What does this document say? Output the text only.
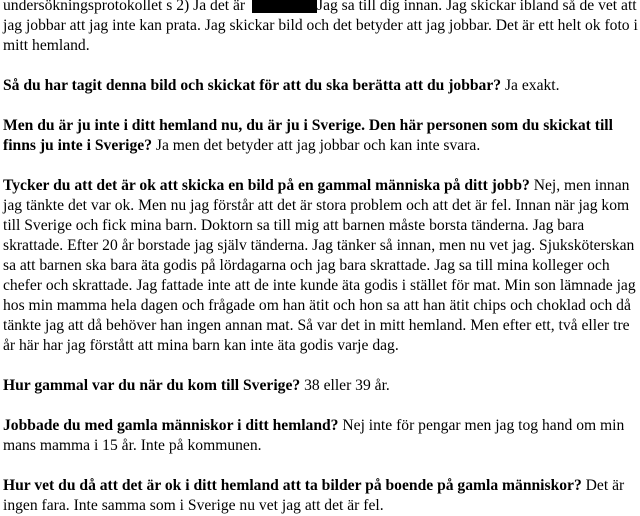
undersökningsprotokollet s 2) Ja det är	Jag sa till dig innan. Jag skickar ibland så de vet att jag jobbar att jag inte kan prata. Jag skickar bild och det betyder att jag jobbar. Det är ett helt ok foto i mitt hemland.

Så du har tagit denna bild och skickat för att du ska berätta att du jobbar? Ja exakt.

Men du är ju inte i ditt hemland nu, du är ju i Sverige. Den här personen som du skickat till finns ju inte i Sverige? Ja men det betyder att jag jobbar och kan inte svara.

Tycker du att det är ok att skicka en bild på en gammal människa på ditt jobb? Nej, men innan jag tänkte det var ok. Men nu jag förstår att det är stora problem och att det är fel. Innan när jag kom till Sverige och fick mina barn. Doktorn sa till mig att barnen måste borsta tänderna. Jag bara skrattade. Efter 20 år borstade jag själv tänderna. Jag tänker så innan, men nu vet jag. Sjuksköterskan sa att barnen ska bara äta godis på lördagarna och jag bara skrattade. Jag sa till mina kolleger och chefer och skrattade. Jag fattade inte att de inte kunde äta godis i stället för mat. Min son lämnade jag hos min mamma hela dagen och frågade om han ätit och hon sa att han ätit chips och choklad och då tänkte jag att då behöver han ingen annan mat. Så var det in mitt hemland. Men efter ett, två eller tre år här har jag förstått att mina barn kan inte äta godis varje dag.

Hur gammal var du när du kom till Sverige? 38 eller 39 år.

Jobbade du med gamla människor i ditt hemland? Nej inte för pengar men jag tog hand om min mans mamma i 15 år. Inte på kommunen.

Hur vet du då att det är ok i ditt hemland att ta bilder på boende på gamla människor? Det är ingen fara. Inte samma som i Sverige nu vet jag att det är fel.
